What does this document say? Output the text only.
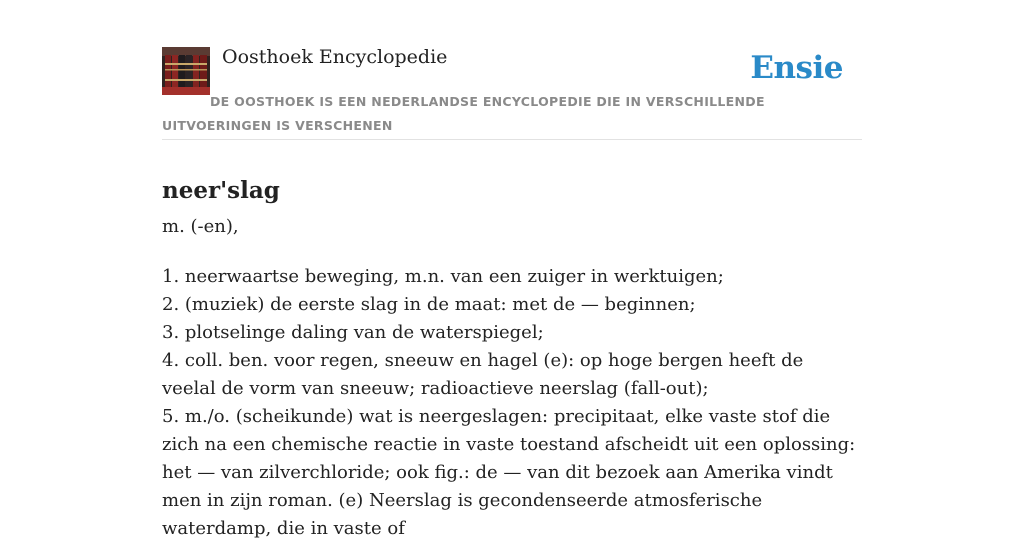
Oosthoek Encyclopedie	Ensie
DE OOSTHOEK IS EEN NEDERLANDSE ENCYCLOPEDIE DIE IN VERSCHILLENDE UITVOERINGEN IS VERSCHENEN
neer'slag
m. (-en),
1. neerwaartse beweging, m.n. van een zuiger in werktuigen;
2. (muziek) de eerste slag in de maat: met de — beginnen;
3. plotselinge daling van de waterspiegel;
4. coll. ben. voor regen, sneeuw en hagel (e): op hoge bergen heeft de veelal de vorm van sneeuw; radioactieve neerslag (fall-out);
5. m./o. (scheikunde) wat is neergeslagen: precipitaat, elke vaste stof die zich na een chemische reactie in vaste toestand afscheidt uit een oplossing: het — van zilverchloride; ook fig.: de — van dit bezoek aan Amerika vindt men in zijn roman. (e) Neerslag is gecondenseerde atmosferische waterdamp, die in vaste of
